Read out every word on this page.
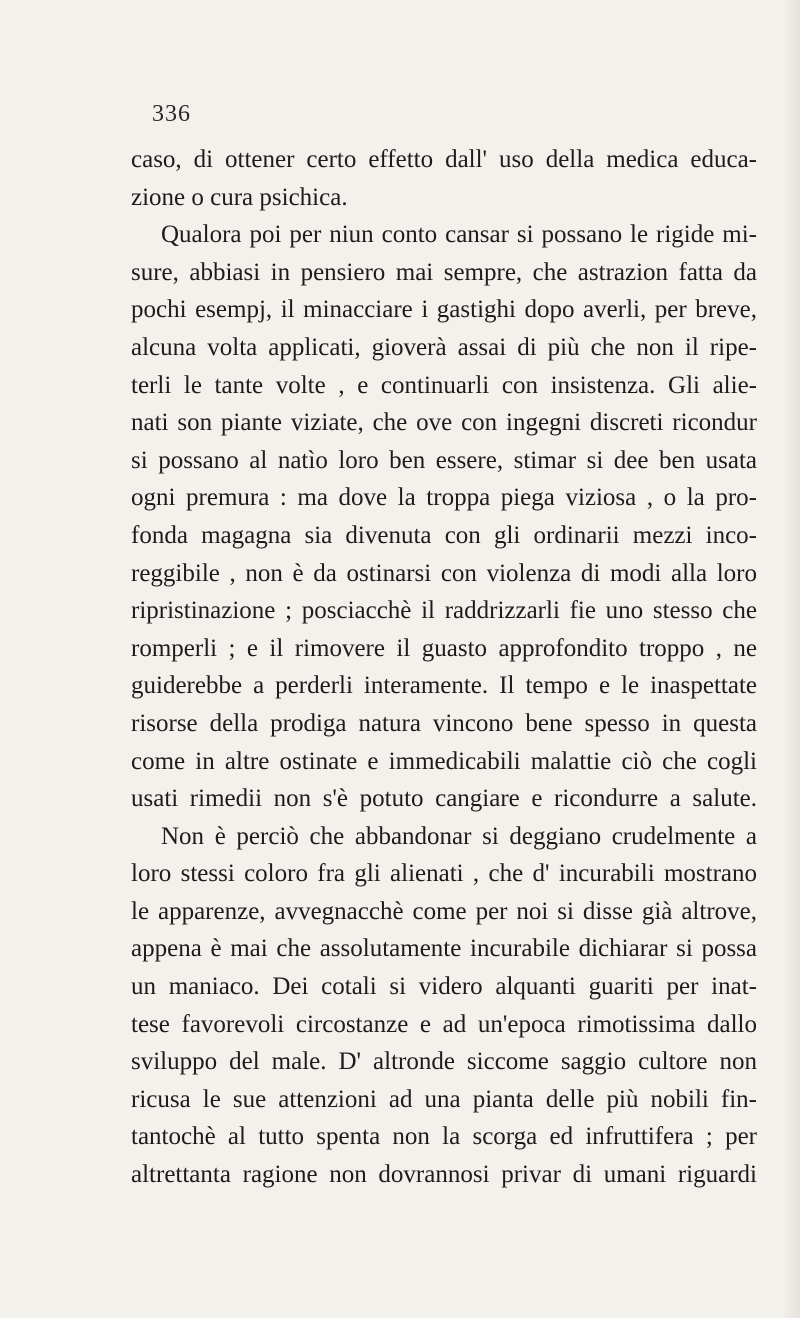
336
caso, di ottener certo effetto dall' uso della medica educa-
zione o cura psichica.
Qualora poi per niun conto cansar si possano le rigide mi-
sure, abbiasi in pensiero mai sempre, che astrazion fatta da
pochi esempj, il minacciare i gastighi dopo averli, per breve,
alcuna volta applicati, gioverà assai di più che non il ripe-
terli le tante volte , e continuarli con insistenza. Gli alie-
nati son piante viziate, che ove con ingegni discreti ricondur
si possano al natìo loro ben essere, stimar si dee ben usata
ogni premura : ma dove la troppa piega viziosa , o la pro-
fonda magagna sia divenuta con gli ordinarii mezzi inco-
reggibile , non è da ostinarsi con violenza di modi alla loro
ripristinazione ; posciacchè il raddrizzarli fie uno stesso che
romperli ; e il rimovere il guasto approfondito troppo , ne
guiderebbe a perderli interamente. Il tempo e le inaspettate
risorse della prodiga natura vincono bene spesso in questa
come in altre ostinate e immedicabili malattie ciò che cogli
usati rimedii non s'è potuto cangiare e ricondurre a salute.
Non è perciò che abbandonar si deggiano crudelmente a
loro stessi coloro fra gli alienati , che d' incurabili mostrano
le apparenze, avvegnacchè come per noi si disse già altrove,
appena è mai che assolutamente incurabile dichiarar si possa
un maniaco. Dei cotali si videro alquanti guariti per inat-
tese favorevoli circostanze e ad un'epoca rimotissima dallo
sviluppo del male. D' altronde siccome saggio cultore non
ricusa le sue attenzioni ad una pianta delle più nobili fin-
tantochè al tutto spenta non la scorga ed infruttifera ; per
altrettanta ragione non dovrannosi privar di umani riguardi
